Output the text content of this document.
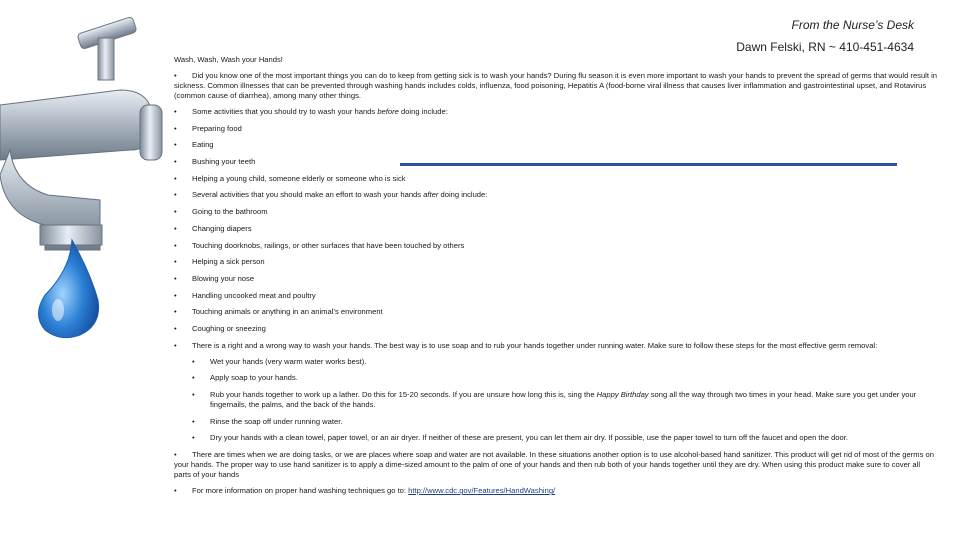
From the Nurse’s Desk
Dawn Felski, RN ~ 410-451-4634
Wash, Wash, Wash your Hands!
• Did you know one of the most important things you can do to keep from getting sick is to wash your hands? During flu season it is even more important to wash your hands to prevent the spread of germs that would result in sickness. Common illnesses that can be prevented through washing hands includes colds, influenza, food poisoning, Hepatitis A (food-borne viral illness that causes liver inflammation and gastrointestinal upset, and Rotavirus (common cause of diarrhea), among many other things.
• Some activities that you should try to wash your hands before doing include:
• Preparing food
• Eating
• Bushing your teeth
• Helping a young child, someone elderly or someone who is sick
• Several activities that you should make an effort to wash your hands after doing include:
• Going to the bathroom
• Changing diapers
• Touching doorknobs, railings, or other surfaces that have been touched by others
• Helping a sick person
• Blowing your nose
• Handling uncooked meat and poultry
• Touching animals or anything in an animal’s environment
• Coughing or sneezing
• There is a right and a wrong way to wash your hands. The best way is to use soap and to rub your hands together under running water. Make sure to follow these steps for the most effective germ removal:
• Wet your hands (very warm water works best).
• Apply soap to your hands.
• Rub your hands together to work up a lather. Do this for 15-20 seconds. If you are unsure how long this is, sing the Happy Birthday song all the way through two times in your head. Make sure you get under your fingernails, the palms, and the back of the hands.
• Rinse the soap off under running water.
• Dry your hands with a clean towel, paper towel, or an air dryer. If neither of these are present, you can let them air dry. If possible, use the paper towel to turn off the faucet and open the door.
• There are times when we are doing tasks, or we are places where soap and water are not available. In these situations another option is to use alcohol-based hand sanitizer. This product will get rid of most of the germs on your hands. The proper way to use hand sanitizer is to apply a dime-sized amount to the palm of one of your hands and then rub both of your hands together until they are dry. When using this product make sure to cover all parts of your hands
• For more information on proper hand washing techniques go to: http://www.cdc.gov/Features/HandWashing/
